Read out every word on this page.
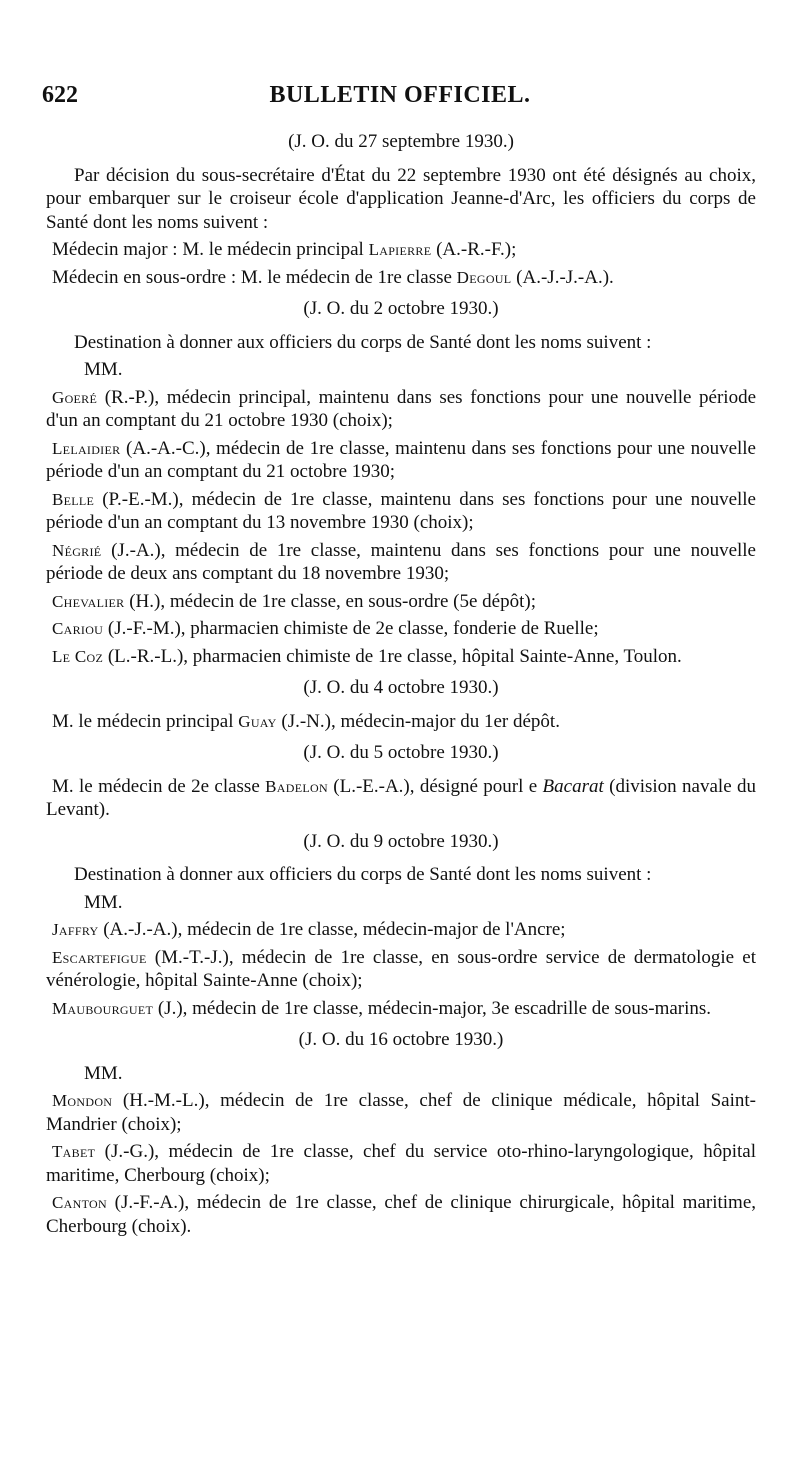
622	BULLETIN OFFICIEL.
(J. O. du 27 septembre 1930.)

Par décision du sous-secrétaire d'État du 22 septembre 1930 ont été désignés au choix, pour embarquer sur le croiseur école d'application Jeanne-d'Arc, les officiers du corps de Santé dont les noms suivent :

Médecin major : M. le médecin principal Lapierre (A.-R.-F.);

Médecin en sous-ordre : M. le médecin de 1re classe Degoul (A.-J.-J.-A.).

(J. O. du 2 octobre 1930.)

Destination à donner aux officiers du corps de Santé dont les noms suivent :

MM.

Goeré (R.-P.), médecin principal, maintenu dans ses fonctions pour une nouvelle période d'un an comptant du 21 octobre 1930 (choix);

Lelaidier (A.-A.-C.), médecin de 1re classe, maintenu dans ses fonctions pour une nouvelle période d'un an comptant du 21 octobre 1930;

Belle (P.-E.-M.), médecin de 1re classe, maintenu dans ses fonctions pour une nouvelle période d'un an comptant du 13 novembre 1930 (choix);

Négrié (J.-A.), médecin de 1re classe, maintenu dans ses fonctions pour une nouvelle période de deux ans comptant du 18 novembre 1930;

Chevalier (H.), médecin de 1re classe, en sous-ordre (5e dépôt);

Cariou (J.-F.-M.), pharmacien chimiste de 2e classe, fonderie de Ruelle;

Le Coz (L.-R.-L.), pharmacien chimiste de 1re classe, hôpital Sainte-Anne, Toulon.

(J. O. du 4 octobre 1930.)

M. le médecin principal Guay (J.-N.), médecin-major du 1er dépôt.

(J. O. du 5 octobre 1930.)

M. le médecin de 2e classe Badelon (L.-E.-A.), désigné pourl e Bacarat (division navale du Levant).

(J. O. du 9 octobre 1930.)

Destination à donner aux officiers du corps de Santé dont les noms suivent :

MM.

Jaffry (A.-J.-A.), médecin de 1re classe, médecin-major de l'Ancre;

Escartefigue (M.-T.-J.), médecin de 1re classe, en sous-ordre service de dermatologie et vénérologie, hôpital Sainte-Anne (choix);

Maubourguet (J.), médecin de 1re classe, médecin-major, 3e escadrille de sous-marins.

(J. O. du 16 octobre 1930.)
MM.

Mondon (H.-M.-L.), médecin de 1re classe, chef de clinique médicale, hôpital Saint-Mandrier (choix);

Tabet (J.-G.), médecin de 1re classe, chef du service oto-rhino-laryngologique, hôpital maritime, Cherbourg (choix);

Canton (J.-F.-A.), médecin de 1re classe, chef de clinique chirurgicale, hôpital maritime, Cherbourg (choix).
